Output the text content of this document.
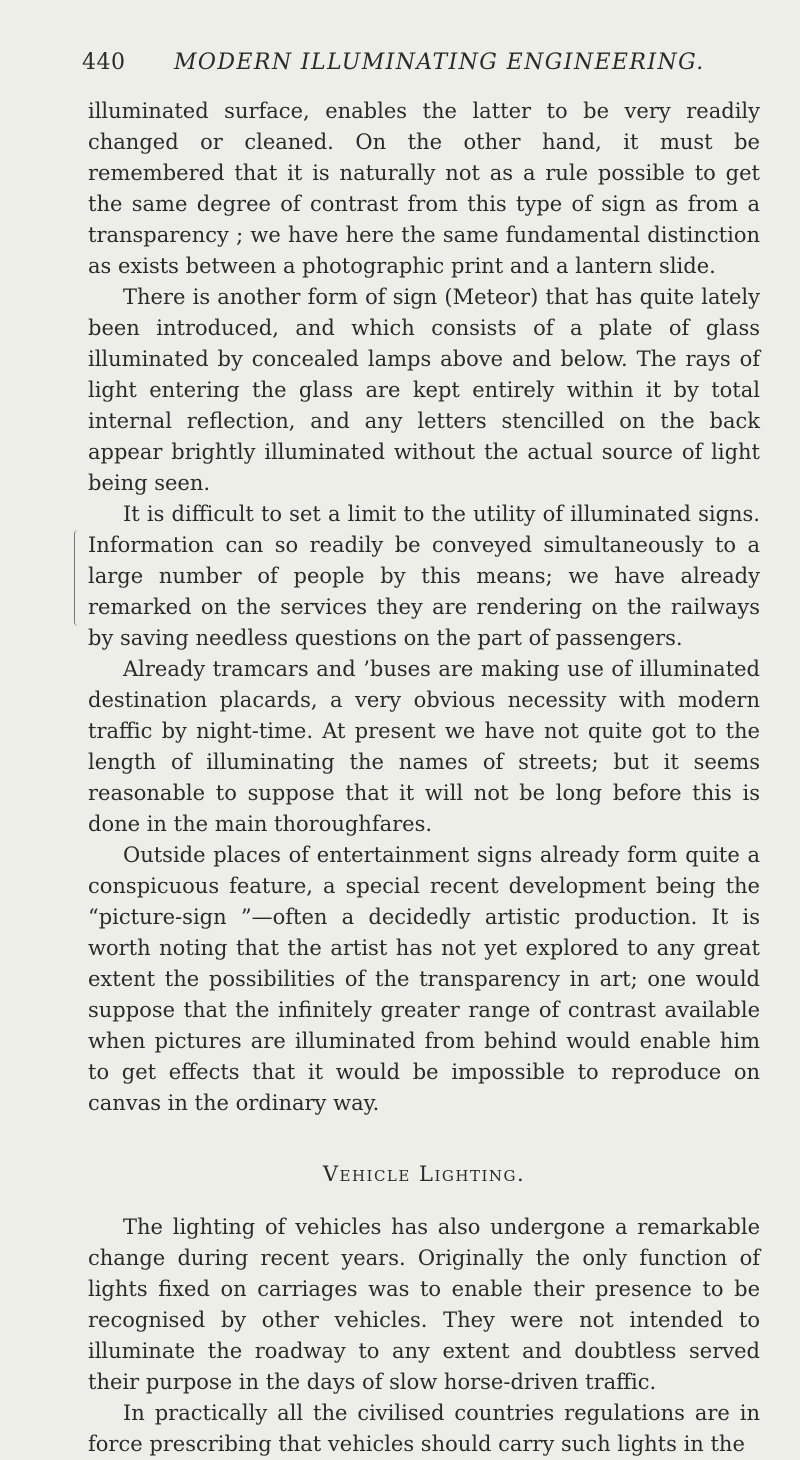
440 MODERN ILLUMINATING ENGINEERING.

illuminated surface, enables the latter to be very readily changed or cleaned. On the other hand, it must be remembered that it is naturally not as a rule possible to get the same degree of contrast from this type of sign as from a transparency ; we have here the same fundamental distinction as exists between a photographic print and a lantern slide.

There is another form of sign (Meteor) that has quite lately been introduced, and which consists of a plate of glass illuminated by concealed lamps above and below. The rays of light entering the glass are kept entirely within it by total internal reflection, and any letters stencilled on the back appear brightly illuminated without the actual source of light being seen.

It is difficult to set a limit to the utility of illuminated signs. Information can so readily be conveyed simultaneously to a large number of people by this means; we have already remarked on the services they are rendering on the railways by saving needless questions on the part of passengers.

Already tramcars and ’buses are making use of illuminated destination placards, a very obvious necessity with modern traffic by night-time. At present we have not quite got to the length of illuminating the names of streets; but it seems reasonable to suppose that it will not be long before this is done in the main thoroughfares.

Outside places of entertainment signs already form quite a conspicuous feature, a special recent development being the “picture-sign ”—often a decidedly artistic production. It is worth noting that the artist has not yet explored to any great extent the possibilities of the transparency in art; one would suppose that the infinitely greater range of contrast available when pictures are illuminated from behind would enable him to get effects that it would be impossible to reproduce on canvas in the ordinary way.

Vehicle Lighting.

The lighting of vehicles has also undergone a remarkable change during recent years. Originally the only function of lights fixed on carriages was to enable their presence to be recognised by other vehicles. They were not intended to illuminate the roadway to any extent and doubtless served their purpose in the days of slow horse-driven traffic.

In practically all the civilised countries regulations are in force prescribing that vehicles should carry such lights in the
